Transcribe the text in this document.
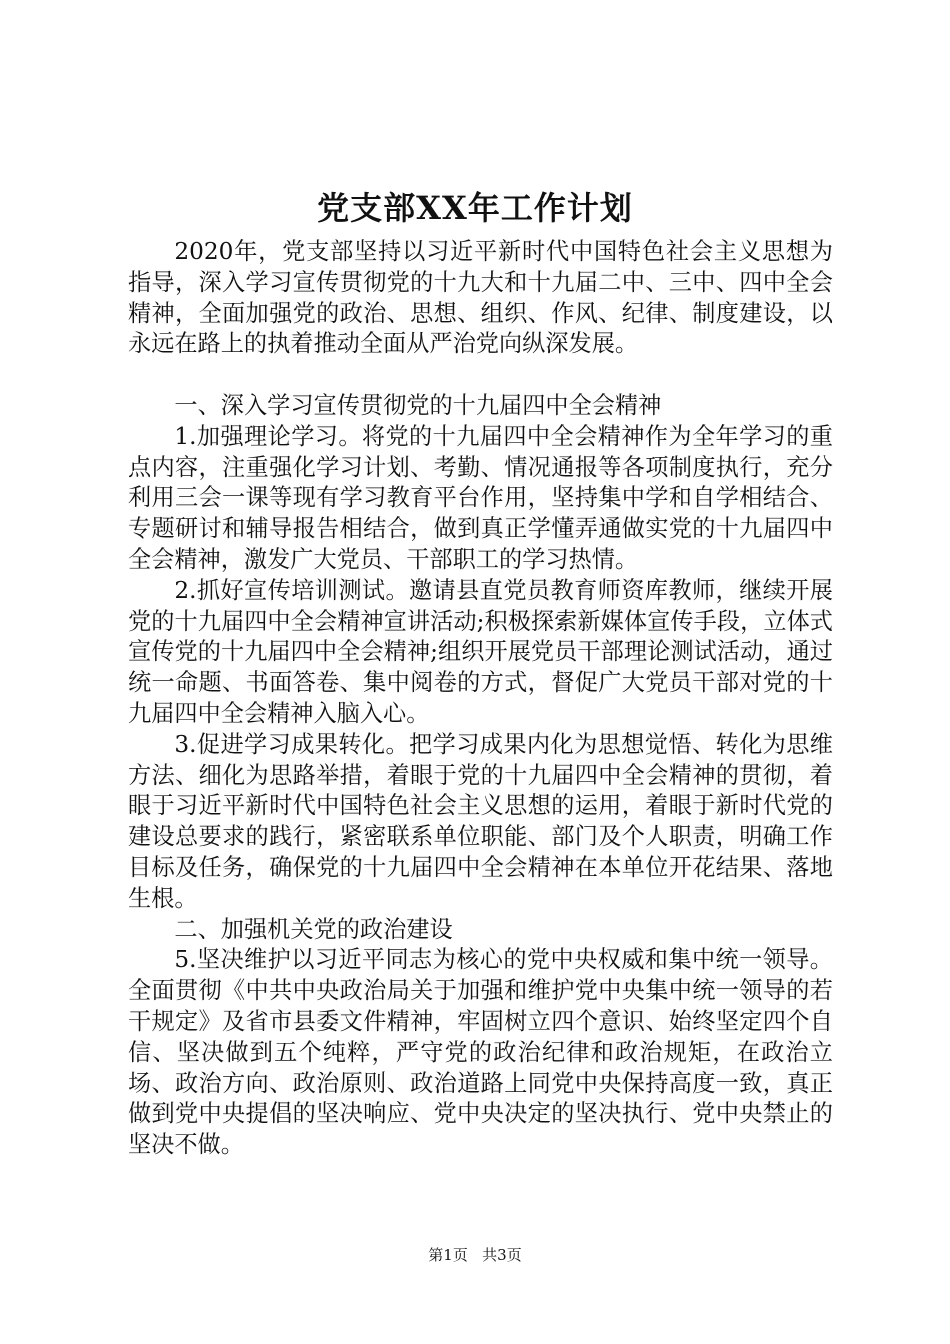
党支部XX年工作计划

2020年，党支部坚持以习近平新时代中国特色社会主义思想为指导，深入学习宣传贯彻党的十九大和十九届二中、三中、四中全会精神，全面加强党的政治、思想、组织、作风、纪律、制度建设，以永远在路上的执着推动全面从严治党向纵深发展。

一、深入学习宣传贯彻党的十九届四中全会精神

1.加强理论学习。将党的十九届四中全会精神作为全年学习的重点内容，注重强化学习计划、考勤、情况通报等各项制度执行，充分利用三会一课等现有学习教育平台作用，坚持集中学和自学相结合、专题研讨和辅导报告相结合，做到真正学懂弄通做实党的十九届四中全会精神，激发广大党员、干部职工的学习热情。

2.抓好宣传培训测试。邀请县直党员教育师资库教师，继续开展党的十九届四中全会精神宣讲活动;积极探索新媒体宣传手段，立体式宣传党的十九届四中全会精神;组织开展党员干部理论测试活动，通过统一命题、书面答卷、集中阅卷的方式，督促广大党员干部对党的十九届四中全会精神入脑入心。

3.促进学习成果转化。把学习成果内化为思想觉悟、转化为思维方法、细化为思路举措，着眼于党的十九届四中全会精神的贯彻，着眼于习近平新时代中国特色社会主义思想的运用，着眼于新时代党的建设总要求的践行，紧密联系单位职能、部门及个人职责，明确工作目标及任务，确保党的十九届四中全会精神在本单位开花结果、落地生根。

二、加强机关党的政治建设

5.坚决维护以习近平同志为核心的党中央权威和集中统一领导。全面贯彻《中共中央政治局关于加强和维护党中央集中统一领导的若干规定》及省市县委文件精神，牢固树立四个意识、始终坚定四个自信、坚决做到五个纯粹，严守党的政治纪律和政治规矩，在政治立场、政治方向、政治原则、政治道路上同党中央保持高度一致，真正做到党中央提倡的坚决响应、党中央决定的坚决执行、党中央禁止的坚决不做。

第1页 共3页
